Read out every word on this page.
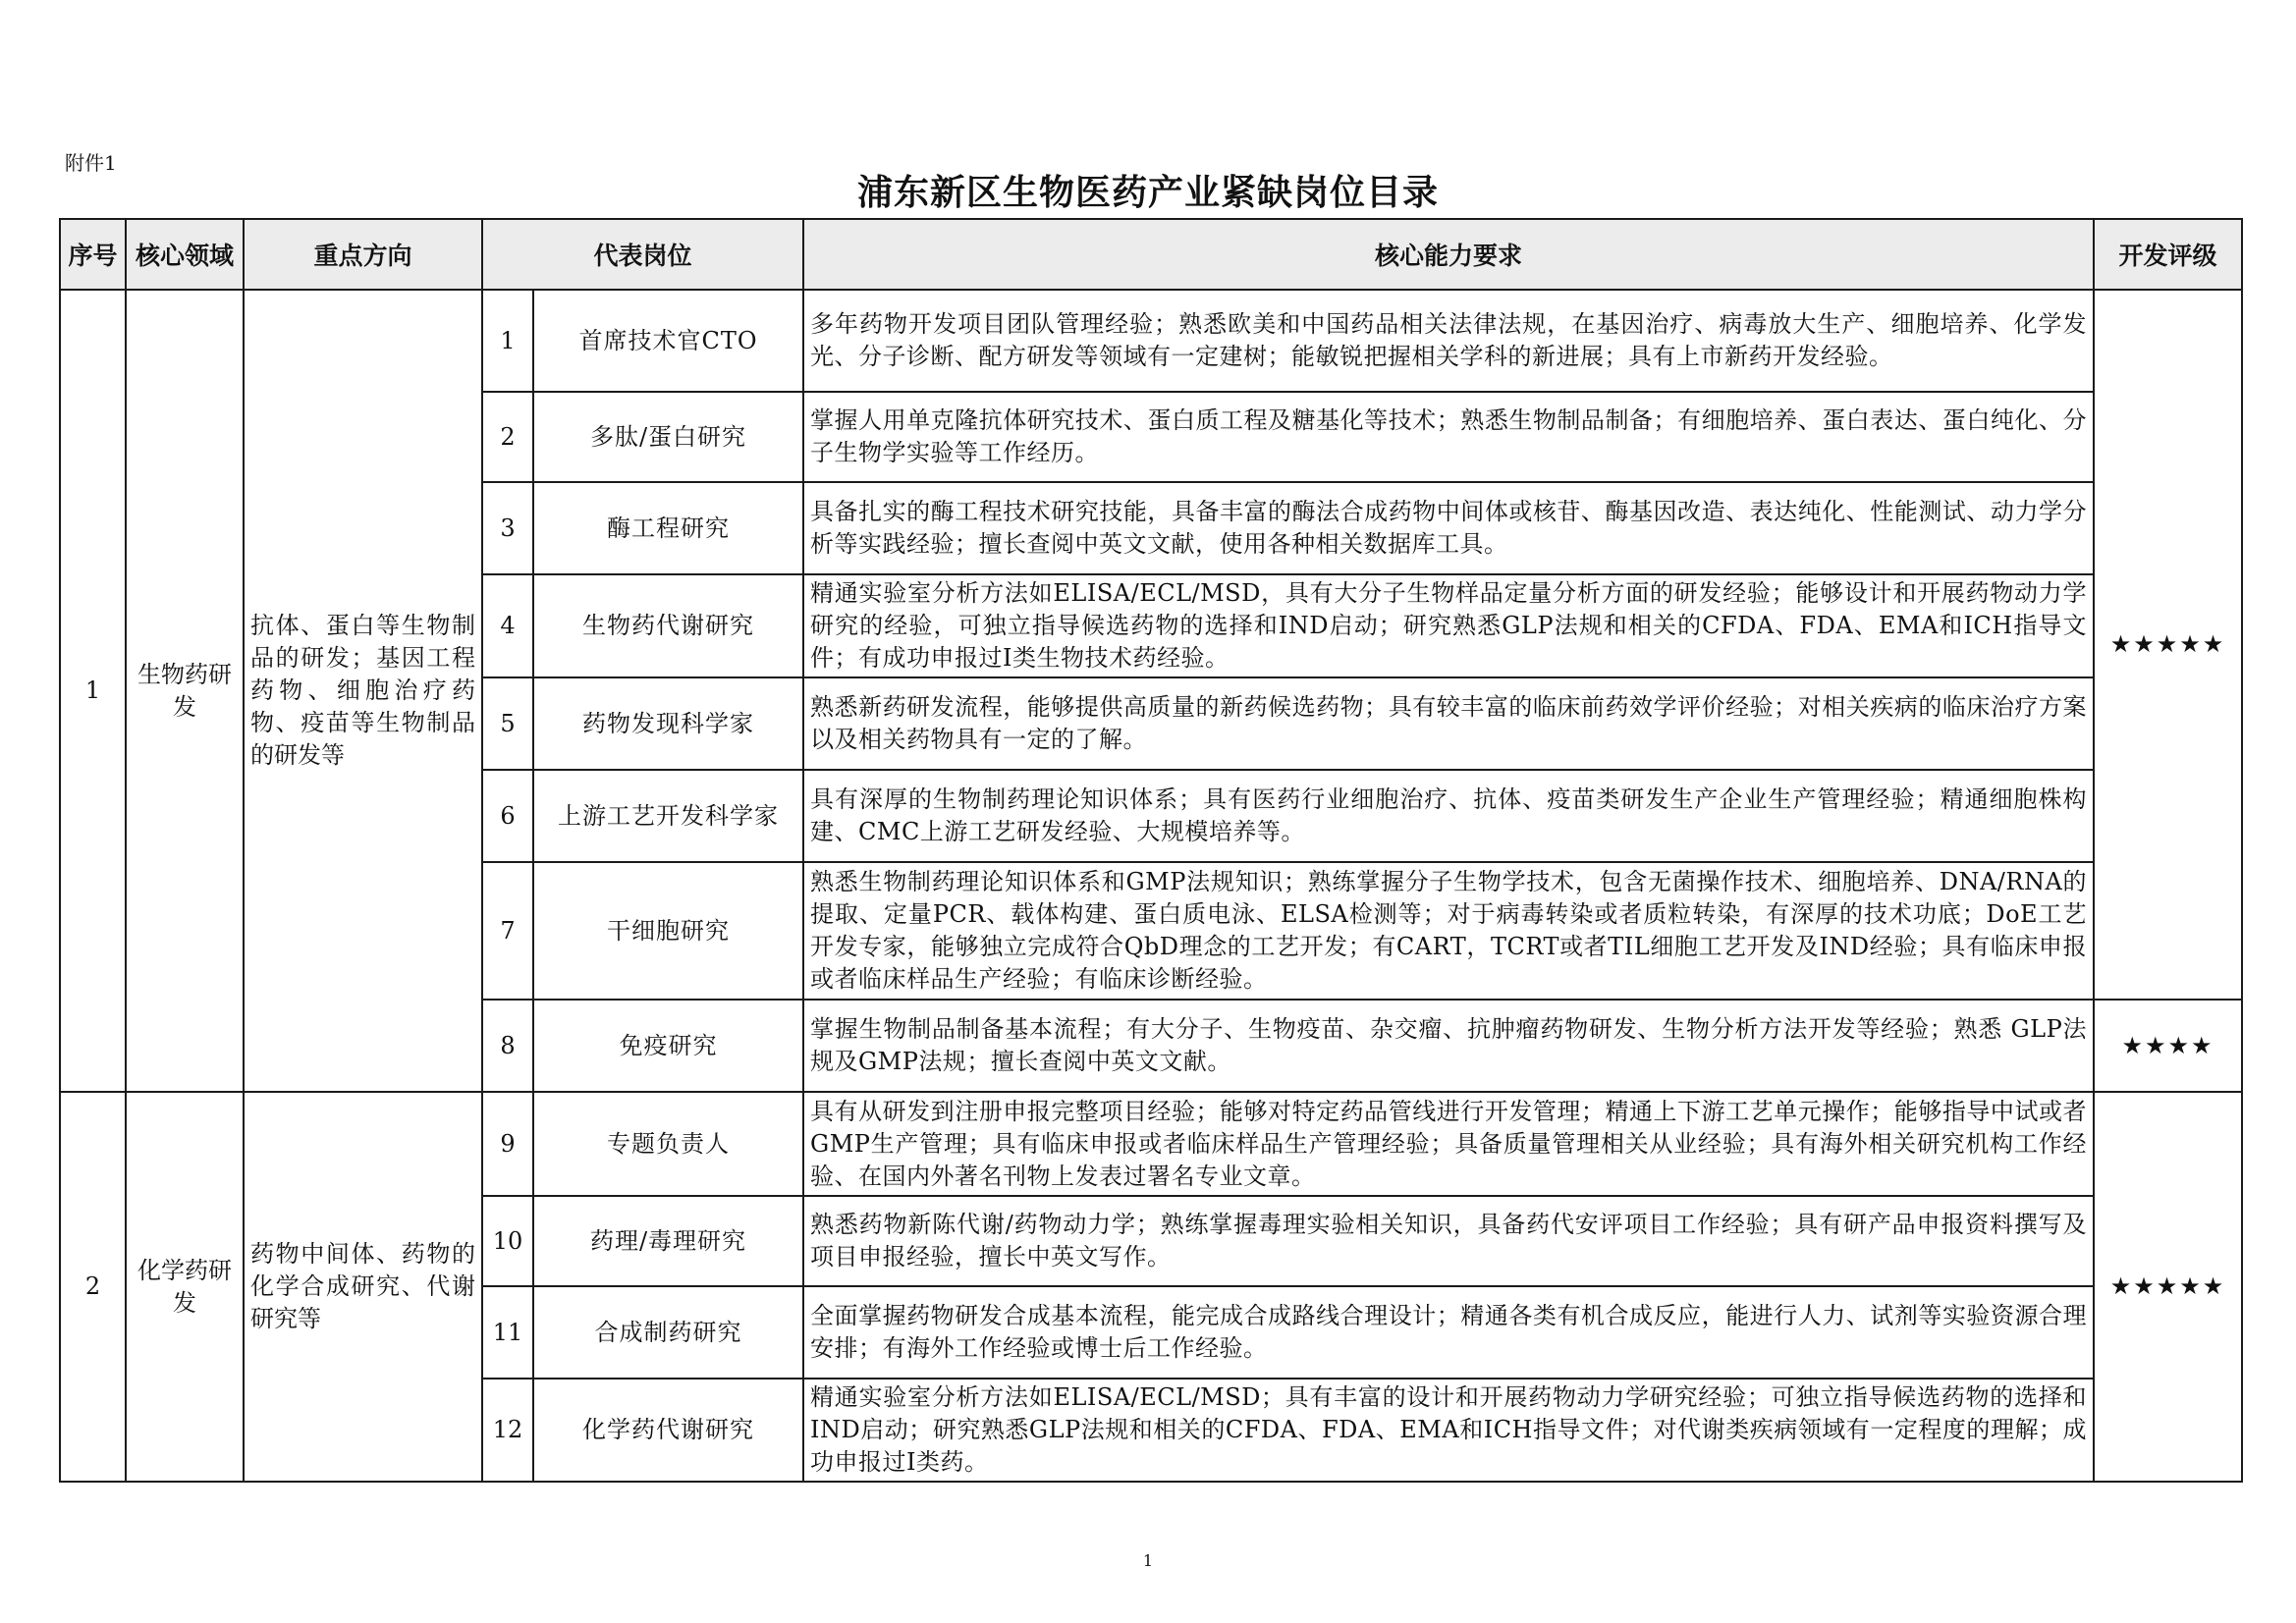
附件1
浦东新区生物医药产业紧缺岗位目录
序号	核心领域	重点方向	代表岗位		核心能力要求	开发评级
1	生物药研发	抗体、蛋白等生物制品的研发；基因工程药物、细胞治疗药物、疫苗等生物制品的研发等	1	首席技术官CTO	多年药物开发项目团队管理经验；熟悉欧美和中国药品相关法律法规，在基因治疗、病毒放大生产、细胞培养、化学发光、分子诊断、配方研发等领域有一定建树；能敏锐把握相关学科的新进展；具有上市新药开发经验。	★★★★★
			2	多肽/蛋白研究	掌握人用单克隆抗体研究技术、蛋白质工程及糖基化等技术；熟悉生物制品制备；有细胞培养、蛋白表达、蛋白纯化、分子生物学实验等工作经历。	
			3	酶工程研究	具备扎实的酶工程技术研究技能，具备丰富的酶法合成药物中间体或核苷、酶基因改造、表达纯化、性能测试、动力学分析等实践经验；擅长查阅中英文文献，使用各种相关数据库工具。	
			4	生物药代谢研究	精通实验室分析方法如ELISA/ECL/MSD，具有大分子生物样品定量分析方面的研发经验；能够设计和开展药物动力学研究的经验，可独立指导候选药物的选择和IND启动；研究熟悉GLP法规和相关的CFDA、FDA、EMA和ICH指导文件；有成功申报过I类生物技术药经验。	
			5	药物发现科学家	熟悉新药研发流程，能够提供高质量的新药候选药物；具有较丰富的临床前药效学评价经验；对相关疾病的临床治疗方案以及相关药物具有一定的了解。	
			6	上游工艺开发科学家	具有深厚的生物制药理论知识体系；具有医药行业细胞治疗、抗体、疫苗类研发生产企业生产管理经验；精通细胞株构建、CMC上游工艺研发经验、大规模培养等。	
			7	干细胞研究	熟悉生物制药理论知识体系和GMP法规知识；熟练掌握分子生物学技术，包含无菌操作技术、细胞培养、DNA/RNA的提取、定量PCR、载体构建、蛋白质电泳、ELSA检测等；对于病毒转染或者质粒转染，有深厚的技术功底；DoE工艺开发专家，能够独立完成符合QbD理念的工艺开发；有CART，TCRT或者TIL细胞工艺开发及IND经验；具有临床申报或者临床样品生产经验；有临床诊断经验。	
			8	免疫研究	掌握生物制品制备基本流程；有大分子、生物疫苗、杂交瘤、抗肿瘤药物研发、生物分析方法开发等经验；熟悉 GLP法规及GMP法规；擅长查阅中英文文献。	★★★★
2	化学药研发	药物中间体、药物的化学合成研究、代谢研究等	9	专题负责人	具有从研发到注册申报完整项目经验；能够对特定药品管线进行开发管理；精通上下游工艺单元操作；能够指导中试或者GMP生产管理；具有临床申报或者临床样品生产管理经验；具备质量管理相关从业经验；具有海外相关研究机构工作经验、在国内外著名刊物上发表过署名专业文章。	★★★★★
			10	药理/毒理研究	熟悉药物新陈代谢/药物动力学；熟练掌握毒理实验相关知识，具备药代安评项目工作经验；具有研产品申报资料撰写及项目申报经验，擅长中英文写作。	
			11	合成制药研究	全面掌握药物研发合成基本流程，能完成合成路线合理设计；精通各类有机合成反应，能进行人力、试剂等实验资源合理安排；有海外工作经验或博士后工作经验。	
			12	化学药代谢研究	精通实验室分析方法如ELISA/ECL/MSD；具有丰富的设计和开展药物动力学研究经验；可独立指导候选药物的选择和IND启动；研究熟悉GLP法规和相关的CFDA、FDA、EMA和ICH指导文件；对代谢类疾病领域有一定程度的理解；成功申报过I类药。	
1
